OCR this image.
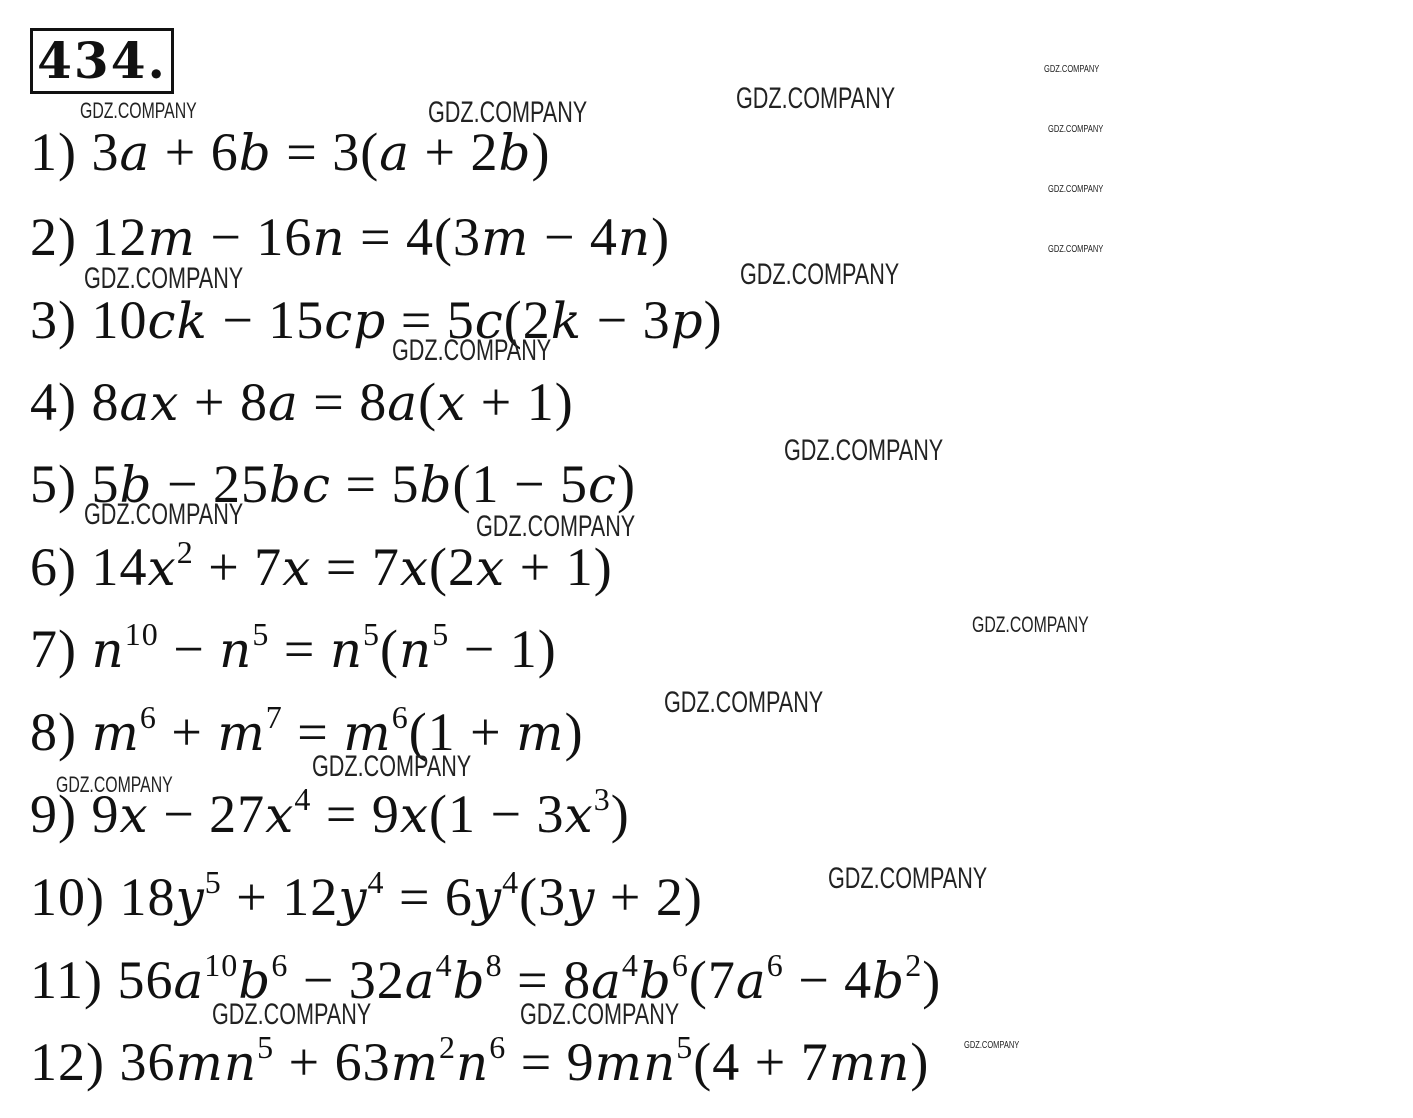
434.
1) 3a + 6b = 3(a + 2b)
2) 12m − 16n = 4(3m − 4n)
3) 10ck − 15cp = 5c(2k − 3p)
4) 8ax + 8a = 8a(x + 1)
5) 5b − 25bc = 5b(1 − 5c)
6) $14x^2 + 7x = 7x(2x + 1)$
7) $n^{10} - n^5 = n^5(n^5 - 1)$
8) $m^6 + m^7 = m^6(1 + m)$
9) $9x - 27x^4 = 9x(1 - 3x^3)$
10) $18y^5 + 12y^4 = 6y^4(3y + 2)$
11) $56a^{10}b^6 - 32a^4b^8 = 8a^4b^6(7a^6 - 4b^2)$
12) $36mn^5 + 63m^2n^6 = 9mn^5(4 + 7mn)$
GDZ.COMPANY	GDZ.COMPANY	GDZ.COMPANY
GDZ.COMPANY
GDZ.COMPANY
GDZ.COMPANY
GDZ.COMPANY
GDZ.COMPANY	GDZ.COMPANY
GDZ.COMPANY
GDZ.COMPANY
GDZ.COMPANY	GDZ.COMPANY
GDZ.COMPANY
GDZ.COMPANY
GDZ.COMPANY
GDZ.COMPANY
GDZ.COMPANY
GDZ.COMPANY	GDZ.COMPANY
GDZ.COMPANY
